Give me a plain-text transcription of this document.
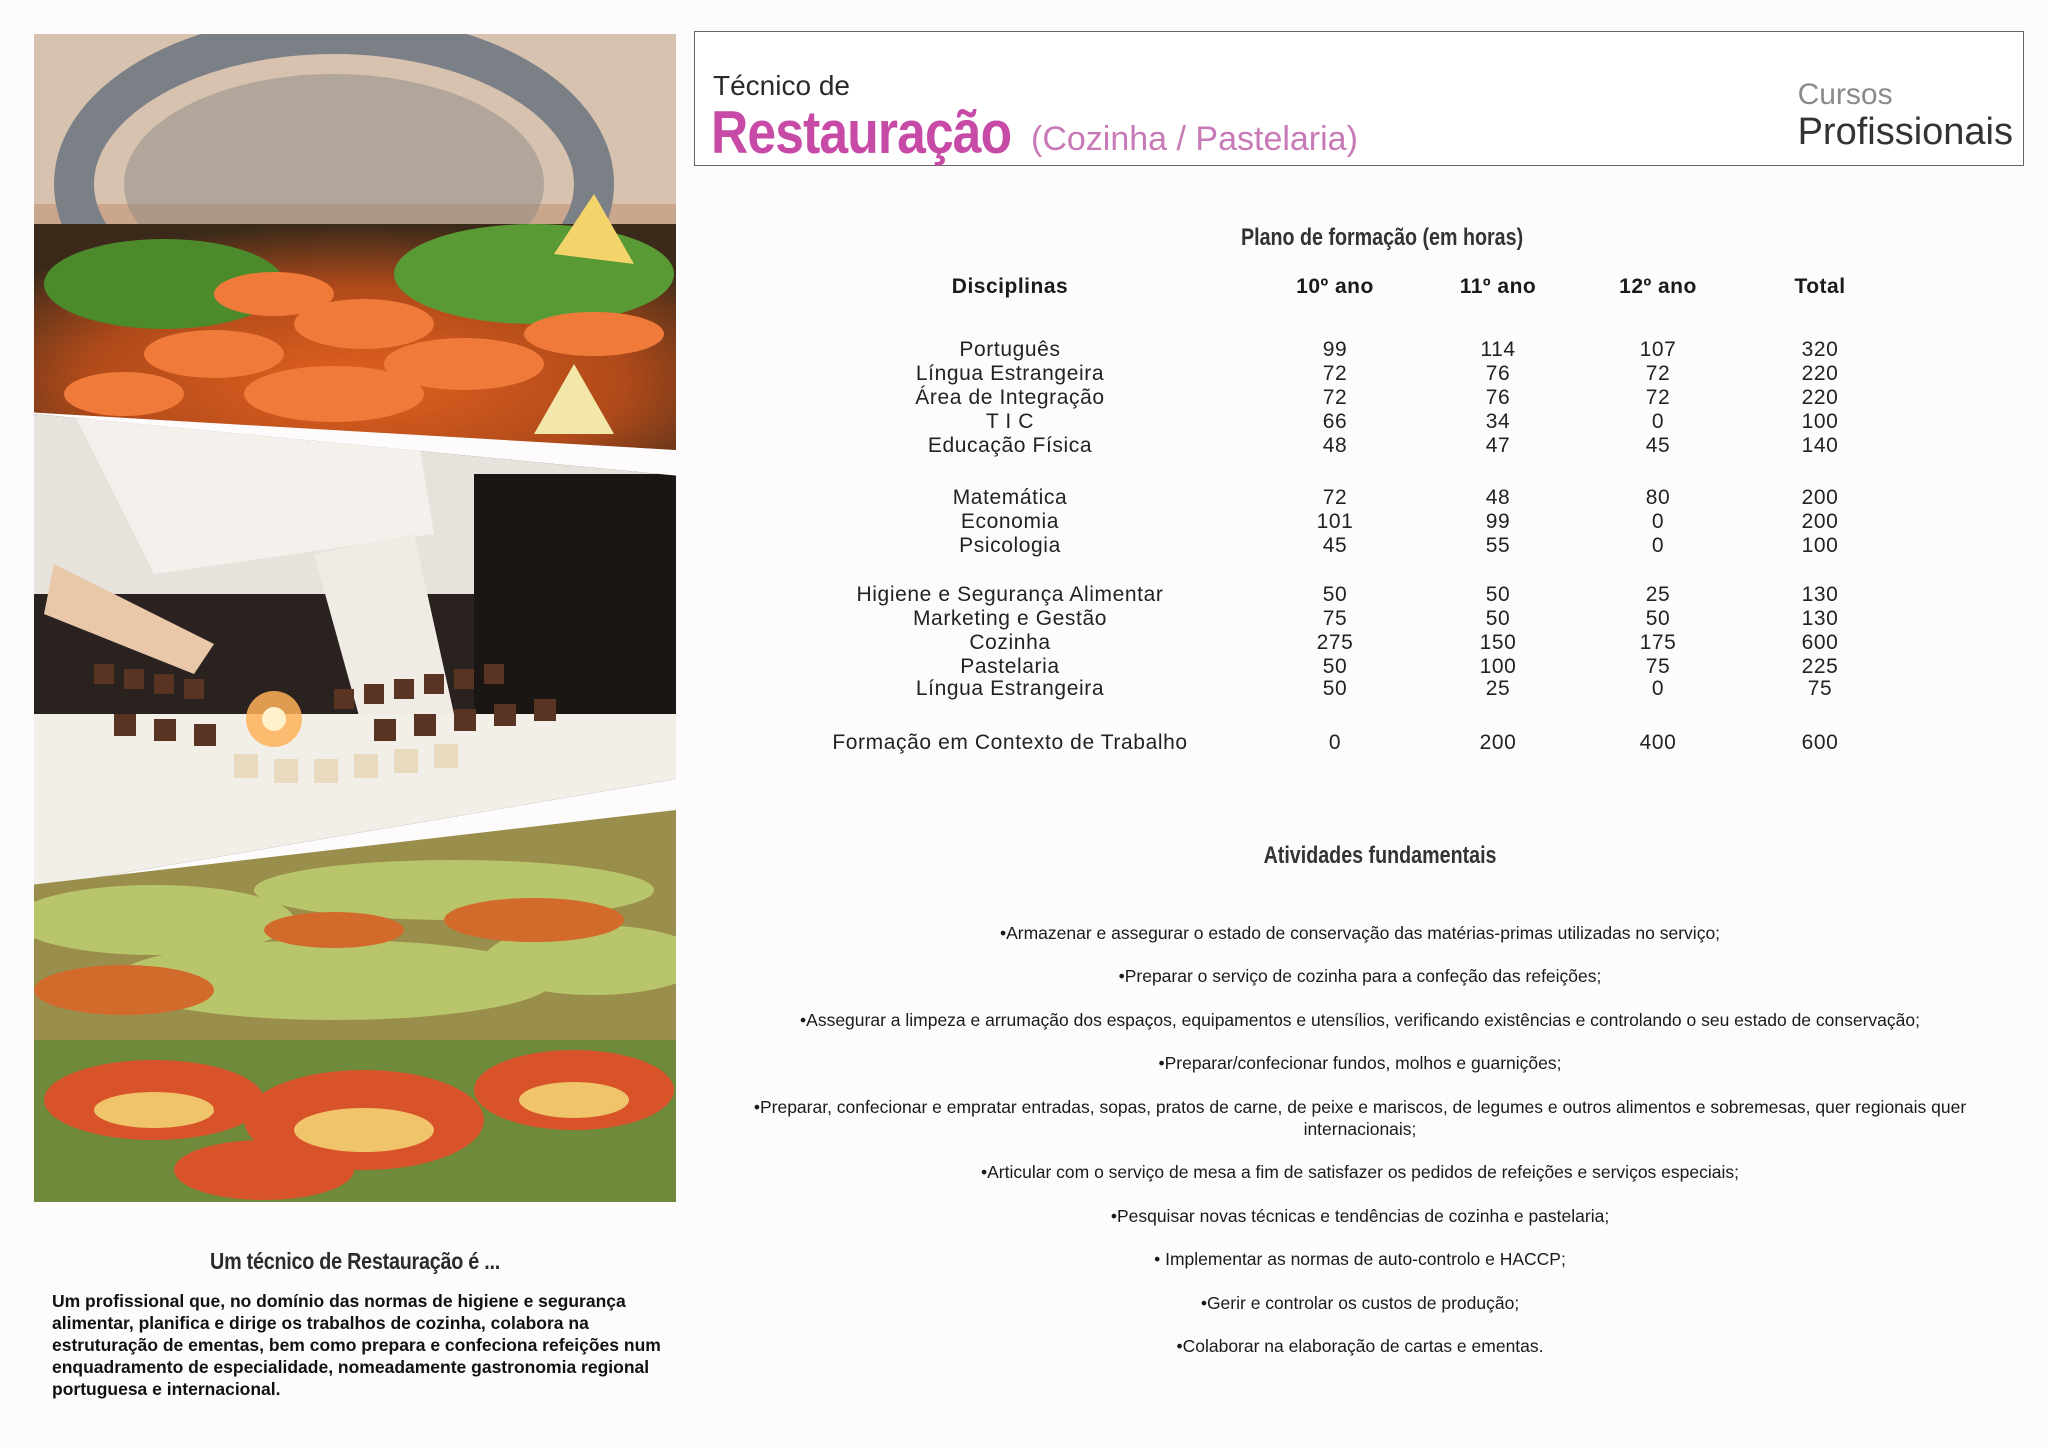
Um técnico de Restauração é ...
Um profissional que, no domínio das normas de higiene e segurança alimentar, planifica e dirige os trabalhos de cozinha, colabora na estruturação de ementas, bem como prepara e confeciona refeições num enquadramento de especialidade, nomeadamente gastronomia regional portuguesa e internacional.
Técnico de
Restauração (Cozinha / Pastelaria)
Cursos
Profissionais
Plano de formação (em horas)
Disciplinas	10º ano	11º ano	12º ano	Total
Português	99	114	107	320
Língua Estrangeira	72	76	72	220
Área de Integração	72	76	72	220
T I C	66	34	0	100
Educação Física	48	47	45	140
Matemática	72	48	80	200
Economia	101	99	0	200
Psicologia	45	55	0	100
Higiene e Segurança Alimentar	50	50	25	130
Marketing e Gestão	75	50	50	130
Cozinha	275	150	175	600
Pastelaria	50	100	75	225
Língua Estrangeira	50	25	0	75
Formação em Contexto de Trabalho	0	200	400	600
Atividades fundamentais
•Armazenar e assegurar o estado de conservação das matérias-primas utilizadas no serviço;
•Preparar o serviço de cozinha para a confeção das refeições;
•Assegurar a limpeza e arrumação dos espaços, equipamentos e utensílios, verificando existências e controlando o seu estado de conservação;
•Preparar/confecionar fundos, molhos e guarnições;
•Preparar, confecionar e empratar entradas, sopas, pratos de carne, de peixe e mariscos, de legumes e outros alimentos e sobremesas, quer regionais quer internacionais;
•Articular com o serviço de mesa a fim de satisfazer os pedidos de refeições e serviços especiais;
•Pesquisar novas técnicas e tendências de cozinha e pastelaria;
• Implementar as normas de auto-controlo e HACCP;
•Gerir e controlar os custos de produção;
•Colaborar na elaboração de cartas e ementas.
